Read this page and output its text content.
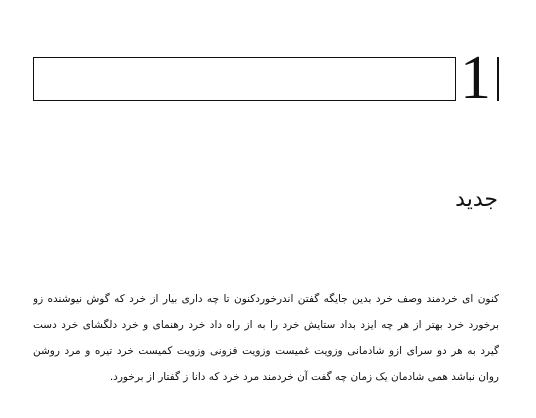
1
جدید
کنون ای خردمند وصف خرد بدین جایگه گفتن اندرخوردکنون تا چه داری بیار از خرد که گوش نیوشنده زو
برخورد خرد بهتر از هر چه ایزد بداد ستایش خرد را به از راه داد خرد رهنمای و خرد دلگشای خرد دست
گیرد به هر دو سرای ازو شادمانی وزویت غمیست وزویت فزونی وزویت کمیست خرد تیره و مرد روشن
روان نباشد همی شادمان یک زمان چه گفت آن خردمند مرد خرد که دانا ز گفتار از برخورد.
